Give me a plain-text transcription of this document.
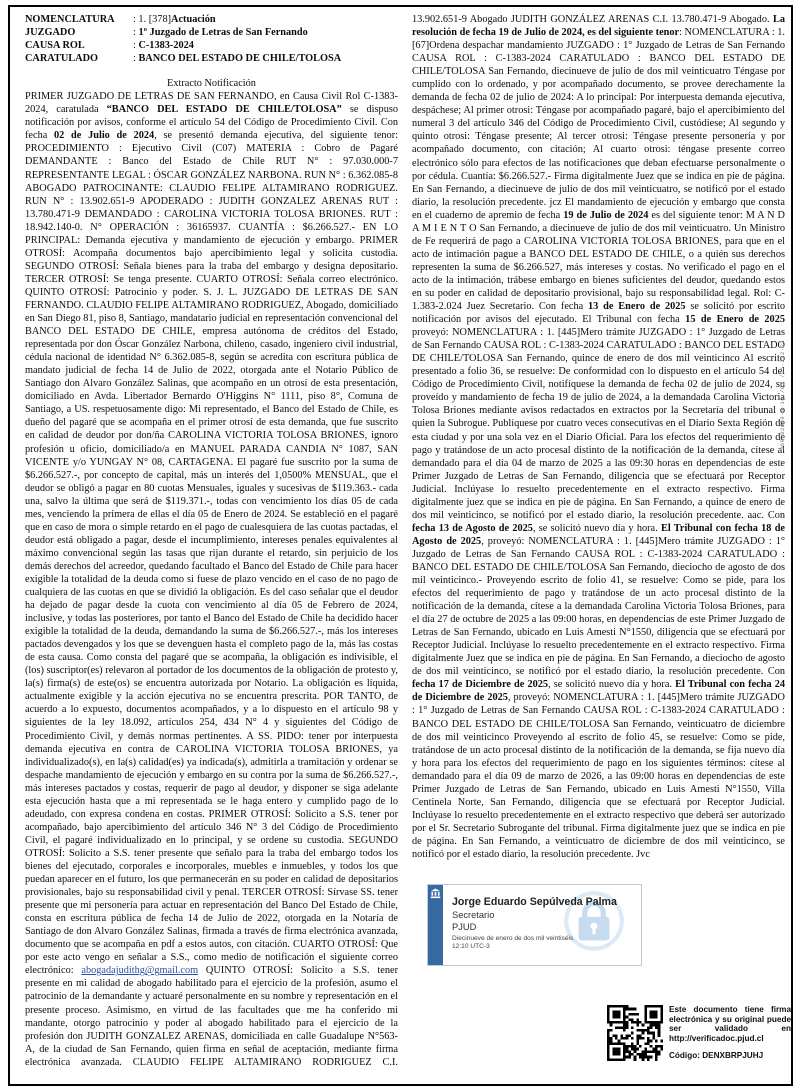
NOMENCLATURA	: 1. [378]Actuación
JUZGADO	: 1º Juzgado de Letras de San Fernando
CAUSA ROL	: C-1383-2024
CARATULADO	: BANCO DEL ESTADO DE CHILE/TOLOSA
Extracto Notificación
PRIMER JUZGADO DE LETRAS DE SAN FERNANDO, en Causa Civil Rol C-1383-2024, caratulada “BANCO DEL ESTADO DE CHILE/TOLOSA” se dispuso notificación por avisos, conforme el artículo 54 del Código de Procedimiento Civil. Con fecha 02 de Julio de 2024, se presentó demanda ejecutiva, del siguiente tenor: PROCEDIMIENTO : Ejecutivo Civil (C07) MATERIA : Cobro de Pagaré DEMANDANTE : Banco del Estado de Chile RUT N° : 97.030.000-7 REPRESENTANTE LEGAL : ÓSCAR GONZÁLEZ NARBONA. RUN N° : 6.362.085-8 ABOGADO PATROCINANTE: CLAUDIO FELIPE ALTAMIRANO RODRIGUEZ. RUN N° : 13.902.651-9 APODERADO : JUDITH GONZALEZ ARENAS RUT : 13.780.471-9 DEMANDADO : CAROLINA VICTORIA TOLOSA BRIONES. RUT : 18.942.140-0. N° OPERACIÓN : 36165937. CUANTÍA : $6.266.527.- EN LO PRINCIPAL: Demanda ejecutiva y mandamiento de ejecución y embargo. PRIMER OTROSÍ: Acompaña documentos bajo apercibimiento legal y solicita custodia. SEGUNDO OTROSÍ: Señala bienes para la traba del embargo y designa depositario. TERCER OTROSÍ: Se tenga presente. CUARTO OTROSÍ: Señala correo electrónico. QUINTO OTROSÍ: Patrocinio y poder. S. J. L. JUZGADO DE LETRAS DE SAN FERNANDO. CLAUDIO FELIPE ALTAMIRANO RODRIGUEZ, Abogado, domiciliado en San Diego 81, piso 8, Santiago, mandatario judicial en representación convencional del BANCO DEL ESTADO DE CHILE, empresa autónoma de créditos del Estado, representada por don Óscar González Narbona, chileno, casado, ingeniero civil industrial, cédula nacional de identidad N° 6.362.085-8, según se acredita con escritura pública de mandato judicial de fecha 14 de Julio de 2022, otorgada ante el Notario Público de Santiago don Alvaro González Salinas, que acompaño en un otrosí de esta presentación, domiciliado en Avda. Libertador Bernardo O'Higgins N° 1111, piso 8°, Comuna de Santiago, a US. respetuosamente digo: Mi representado, el Banco del Estado de Chile, es dueño del pagaré que se acompaña en el primer otrosí de esta demanda, que fue suscrito en calidad de deudor por don/ña CAROLINA VICTORIA TOLOSA BRIONES, ignoro profesión u oficio, domiciliado/a en MANUEL PARADA CANDIA N° 1087, SAN VICENTE y/o YUNGAY N° 08, CARTAGENA. El pagaré fue suscrito por la suma de $6.266.527.-, por concepto de capital, más un interés del 1,0500% MENSUAL, que el deudor se obligó a pagar en 80 cuotas Mensuales, iguales y sucesivas de $119.363.- cada una, salvo la última que será de $119.371.-, todas con vencimiento los días 05 de cada mes, venciendo la primera de ellas el día 05 de Enero de 2024. Se estableció en el pagaré que en caso de mora o simple retardo en el pago de cualesquiera de las cuotas pactadas, el deudor está obligado a pagar, desde el incumplimiento, intereses penales equivalentes al máximo convencional según las tasas que rijan durante el retardo, sin perjuicio de los demás derechos del acreedor, quedando facultado el Banco del Estado de Chile para hacer exigible la totalidad de la deuda como si fuese de plazo vencido en el caso de no pago de cualquiera de las cuotas en que se dividió la obligación. Es del caso señalar que el deudor ha dejado de pagar desde la cuota con vencimiento al día 05 de Febrero de 2024, inclusive, y todas las posteriores, por tanto el Banco del Estado de Chile ha decidido hacer exigible la totalidad de la deuda, demandando la suma de $6.266.527.-, más los intereses pactados devengados y los que se devenguen hasta el completo pago de la, más las costas de esta causa. Como consta del pagaré que se acompaña, la obligación es indivisible, el (los) suscriptor(es) relevaron al portador de los documentos de la obligación de protesto y, la(s) firma(s) de este(os) se encuentra autorizada por Notario. La obligación es líquida, actualmente exigible y la acción ejecutiva no se encuentra prescrita. POR TANTO, de acuerdo a lo expuesto, documentos acompañados, y a lo dispuesto en el artículo 98 y siguientes de la ley 18.092, artículos 254, 434 N° 4 y siguientes del Código de Procedimiento Civil, y demás normas pertinentes. A SS. PIDO: tener por interpuesta demanda ejecutiva en contra de CAROLINA VICTORIA TOLOSA BRIONES, ya individualizado(s), en la(s) calidad(es) ya indicada(s), admitirla a tramitación y ordenar se despache mandamiento de ejecución y embargo en su contra por la suma de $6.266.527.-, más intereses pactados y costas, requerir de pago al deudor, y disponer se siga adelante esta ejecución hasta que a mi representada se le haga entero y cumplido pago de lo adeudado, con expresa condena en costas. PRIMER OTROSÍ: Solicito a S.S. tener por acompañado, bajo apercibimiento del artículo 346 N° 3 del Código de Procedimiento Civil, el pagaré individualizado en lo principal, y se ordene su custodia. SEGUNDO OTROSÍ: Solicito a S.S. tener presente que señalo para la traba del embargo todos los bienes del ejecutado, corporales e incorporales, muebles e inmuebles, y todos los que puedan aparecer en el futuro, los que permanecerán en su poder en calidad de depositarios provisionales, bajo su responsabilidad civil y penal. TERCER OTROSÍ: Sírvase SS. tener presente que mi personería para actuar en representación del Banco Del Estado de Chile, consta en escritura pública de fecha 14 de Julio de 2022, otorgada en la Notaría de Santiago de don Alvaro González Salinas, firmada a través de firma electrónica avanzada, documento que se acompaña en pdf a estos autos, con citación. CUARTO OTROSÍ: Que por este acto vengo en señalar a S.S., como medio de notificación el siguiente correo electrónico: abogadajudithg@gmail.com QUINTO OTROSÍ: Solicito a S.S. tener presente en mi calidad de abogado habilitado para el ejercicio de la profesión, asumo el patrocinio de la demandante y actuaré personalmente en su nombre y representación en el presente proceso. Asimismo, en virtud de las facultades que me ha conferido mi mandante, otorgo patrocinio y poder al abogado habilitado para el ejercicio de la profesión don JUDITH GONZALEZ ARENAS, domiciliada en calle Guadalupe N°563-A, de la ciudad de San Fernando, quien firma en señal de aceptación, mediante firma electrónica avanzada. CLAUDIO FELIPE ALTAMIRANO RODRIGUEZ C.I. 13.902.651-9 Abogado JUDITH GONZÁLEZ ARENAS C.I. 13.780.471-9 Abogado. La resolución de fecha 19 de Julio de 2024, es del siguiente tenor: NOMENCLATURA : 1. [67]Ordena despachar mandamiento JUZGADO : 1° Juzgado de Letras de San Fernando CAUSA ROL : C-1383-2024 CARATULADO : BANCO DEL ESTADO DE CHILE/TOLOSA San Fernando, diecinueve de julio de dos mil veinticuatro Téngase por cumplido con lo ordenado, y por acompañado documento, se provee derechamente la demanda de fecha 02 de julio de 2024: A lo principal: Por interpuesta demanda ejecutiva, despáchese; Al primer otrosi: Téngase por acompañado pagaré, bajo el apercibimiento del numeral 3 del artículo 346 del Código de Procedimiento Civil, custódiese; Al segundo y quinto otrosi: Téngase presente; Al tercer otrosi: Téngase presente personería y por acompañado documento, con citación; Al cuarto otrosi: téngase presente correo electrónico sólo para efectos de las notificaciones que deban efectuarse personalmente o por cédula. Cuantía: $6.266.527.- Firma digitalmente Juez que se indica en pie de página. En San Fernando, a diecinueve de julio de dos mil veinticuatro, se notificó por el estado diario, la resolución precedente. jcz El mandamiento de ejecución y embargo que consta en el cuaderno de apremio de fecha 19 de Julio de 2024 es del siguiente tenor: M A N D A M I E N T O San Fernando, a diecinueve de julio de dos mil veinticuatro. Un Ministro de Fe requerirá de pago a CAROLINA VICTORIA TOLOSA BRIONES, para que en el acto de intimación pague a BANCO DEL ESTADO DE CHILE, o a quién sus derechos representen la suma de $6.266.527, más intereses y costas. No verificado el pago en el acto de la intimación, trábese embargo en bienes suficientes del deudor, quedando estos en su poder en calidad de depositario provisional, bajo su responsabilidad legal. Rol: C-1.383-2.024 Juez Secretario. Con fecha 13 de Enero de 2025 se solicitó por escrito notificación por avisos del ejecutado. El Tribunal con fecha 15 de Enero de 2025 proveyó: NOMENCLATURA : 1. [445]Mero trámite JUZGADO : 1° Juzgado de Letras de San Fernando CAUSA ROL : C-1383-2024 CARATULADO : BANCO DEL ESTADO DE CHILE/TOLOSA San Fernando, quince de enero de dos mil veinticinco Al escrito presentado a folio 36, se resuelve: De conformidad con lo dispuesto en el artículo 54 del Código de Procedimiento Civil, notifíquese la demanda de fecha 02 de julio de 2024, su proveído y mandamiento de fecha 19 de julio de 2024, a la demandada Carolina Victoria Tolosa Briones mediante avisos redactados en extractos por la Secretaría del tribunal o quien la Subrogue. Publíquese por cuatro veces consecutivas en el Diario Sexta Región de esta ciudad y por una sola vez en el Diario Oficial. Para los efectos del requerimiento de pago y tratándose de un acto procesal distinto de la notificación de la demanda, cítese al demandado para el día 04 de marzo de 2025 a las 09:30 horas en dependencias de este Primer Juzgado de Letras de San Fernando, diligencia que se efectuará por Receptor Judicial. Inclúyase lo resuelto precedentemente en el extracto respectivo. Firma digitalmente juez que se indica en pie de página. En San Fernando, a quince de enero de dos mil veinticinco, se notificó por el estado diario, la resolución precedente. aac. Con fecha 13 de Agosto de 2025, se solicitó nuevo día y hora. El Tribunal con fecha 18 de Agosto de 2025, proveyó: NOMENCLATURA : 1. [445]Mero trámite JUZGADO : 1° Juzgado de Letras de San Fernando CAUSA ROL : C-1383-2024 CARATULADO : BANCO DEL ESTADO DE CHILE/TOLOSA San Fernando, dieciocho de agosto de dos mil veinticinco.- Proveyendo escrito de folio 41, se resuelve: Como se pide, para los efectos del requerimiento de pago y tratándose de un acto procesal distinto de la notificación de la demanda, cítese a la demandada Carolina Victoria Tolosa Briones, para el día 27 de octubre de 2025 a las 09:00 horas, en dependencias de este Primer Juzgado de Letras de San Fernando, ubicado en Luis Amesti N°1550, diligencia que se efectuará por Receptor Judicial. Inclúyase lo resuelto precedentemente en el extracto respectivo. Firma digitalmente Juez que se indica en pie de página. En San Fernando, a dieciocho de agosto de dos mil veinticinco, se notificó por el estado diario, la resolución precedente. Con fecha 17 de Diciembre de 2025, se solicitó nuevo día y hora. El Tribunal con fecha 24 de Diciembre de 2025, proveyó: NOMENCLATURA : 1. [445]Mero trámite JUZGADO : 1° Juzgado de Letras de San Fernando CAUSA ROL : C-1383-2024 CARATULADO : BANCO DEL ESTADO DE CHILE/TOLOSA San Fernando, veinticuatro de diciembre de dos mil veinticinco Proveyendo al escrito de folio 45, se resuelve: Como se pide, tratándose de un acto procesal distinto de la notificación de la demanda, se fija nuevo día y hora para los efectos del requerimiento de pago en los siguientes términos: cítese al demandado para el día 09 de marzo de 2026, a las 09:00 horas en dependencias de este Primer Juzgado de Letras de San Fernando, ubicado en Luis Amesti N°1550, Villa Centinela Norte, San Fernando, diligencia que se efectuará por Receptor Judicial. Inclúyase lo resuelto precedentemente en el extracto respectivo que deberá ser autorizado por el Sr. Secretario Subrogante del tribunal. Firma digitalmente juez que se indica en pie de página. En San Fernando, a veinticuatro de diciembre de dos mil veinticinco, se notificó por el estado diario, la resolución precedente. Jvc
Jorge Eduardo Sepúlveda Palma
Secretario
PJUD
Diecinueve de enero de dos mil veintiséis
12:10 UTC-3
Este documento tiene firma electrónica y su original puede ser validado en http://verificadoc.pjud.cl
Código: DENXBRPJUHJ
369 02039-9-10 /01 /25-2-2-23
